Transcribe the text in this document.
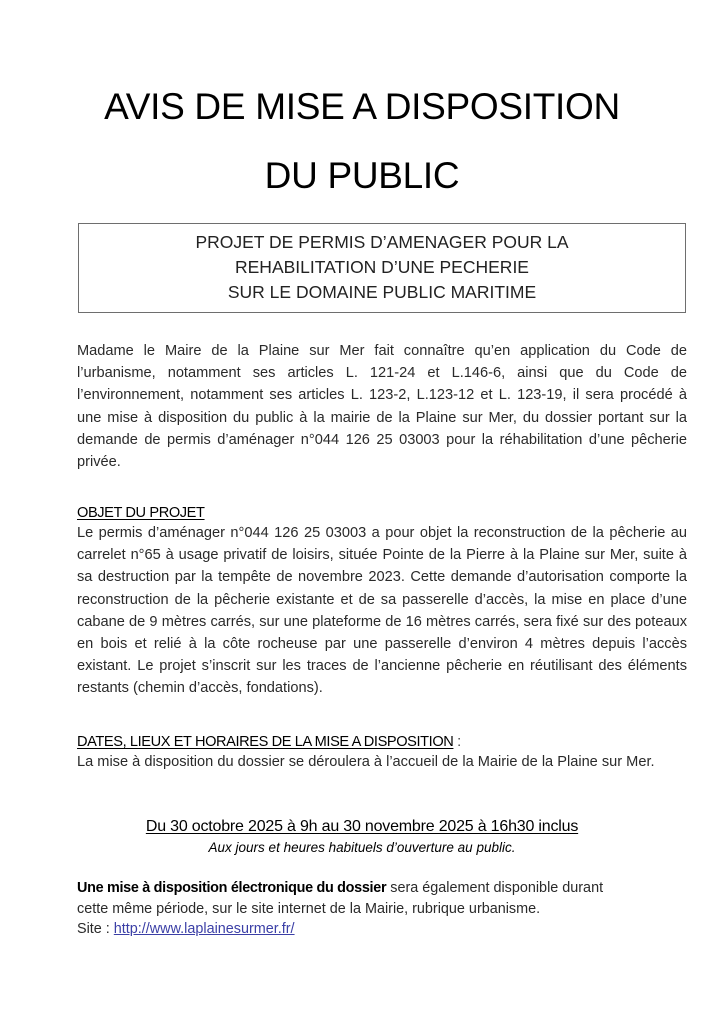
AVIS DE MISE A DISPOSITION
DU PUBLIC
PROJET DE PERMIS D’AMENAGER POUR LA
REHABILITATION D’UNE PECHERIE
SUR LE DOMAINE PUBLIC MARITIME
Madame le Maire de la Plaine sur Mer fait connaître qu’en application du Code de l’urbanisme, notamment ses articles L. 121-24 et L.146-6, ainsi que du Code de l’environnement, notamment ses articles L. 123-2, L.123-12 et L. 123-19, il sera procédé à une mise à disposition du public à la mairie de la Plaine sur Mer, du dossier portant sur la demande de permis d’aménager n°044 126 25 03003 pour la réhabilitation d’une pêcherie privée.
OBJET DU PROJET
Le permis d’aménager n°044 126 25 03003 a pour objet la reconstruction de la pêcherie au carrelet n°65 à usage privatif de loisirs, située Pointe de la Pierre à la Plaine sur Mer, suite à sa destruction par la tempête de novembre 2023. Cette demande d’autorisation comporte la reconstruction de la pêcherie existante et de sa passerelle d’accès, la mise en place d’une cabane de 9 mètres carrés, sur une plateforme de 16 mètres carrés, sera fixé sur des poteaux en bois et relié à la côte rocheuse par une passerelle d’environ 4 mètres depuis l’accès existant. Le projet s’inscrit sur les traces de l’ancienne pêcherie en réutilisant des éléments restants (chemin d’accès, fondations).
DATES, LIEUX ET HORAIRES DE LA MISE A DISPOSITION :
La mise à disposition du dossier se déroulera à l’accueil de la Mairie de la Plaine sur Mer.
Du 30 octobre 2025 à 9h au 30 novembre 2025 à 16h30 inclus
Aux jours et heures habituels d’ouverture au public.
Une mise à disposition électronique du dossier sera également disponible durant
cette même période, sur le site internet de la Mairie, rubrique urbanisme.
Site : http://www.laplainesurmer.fr/
